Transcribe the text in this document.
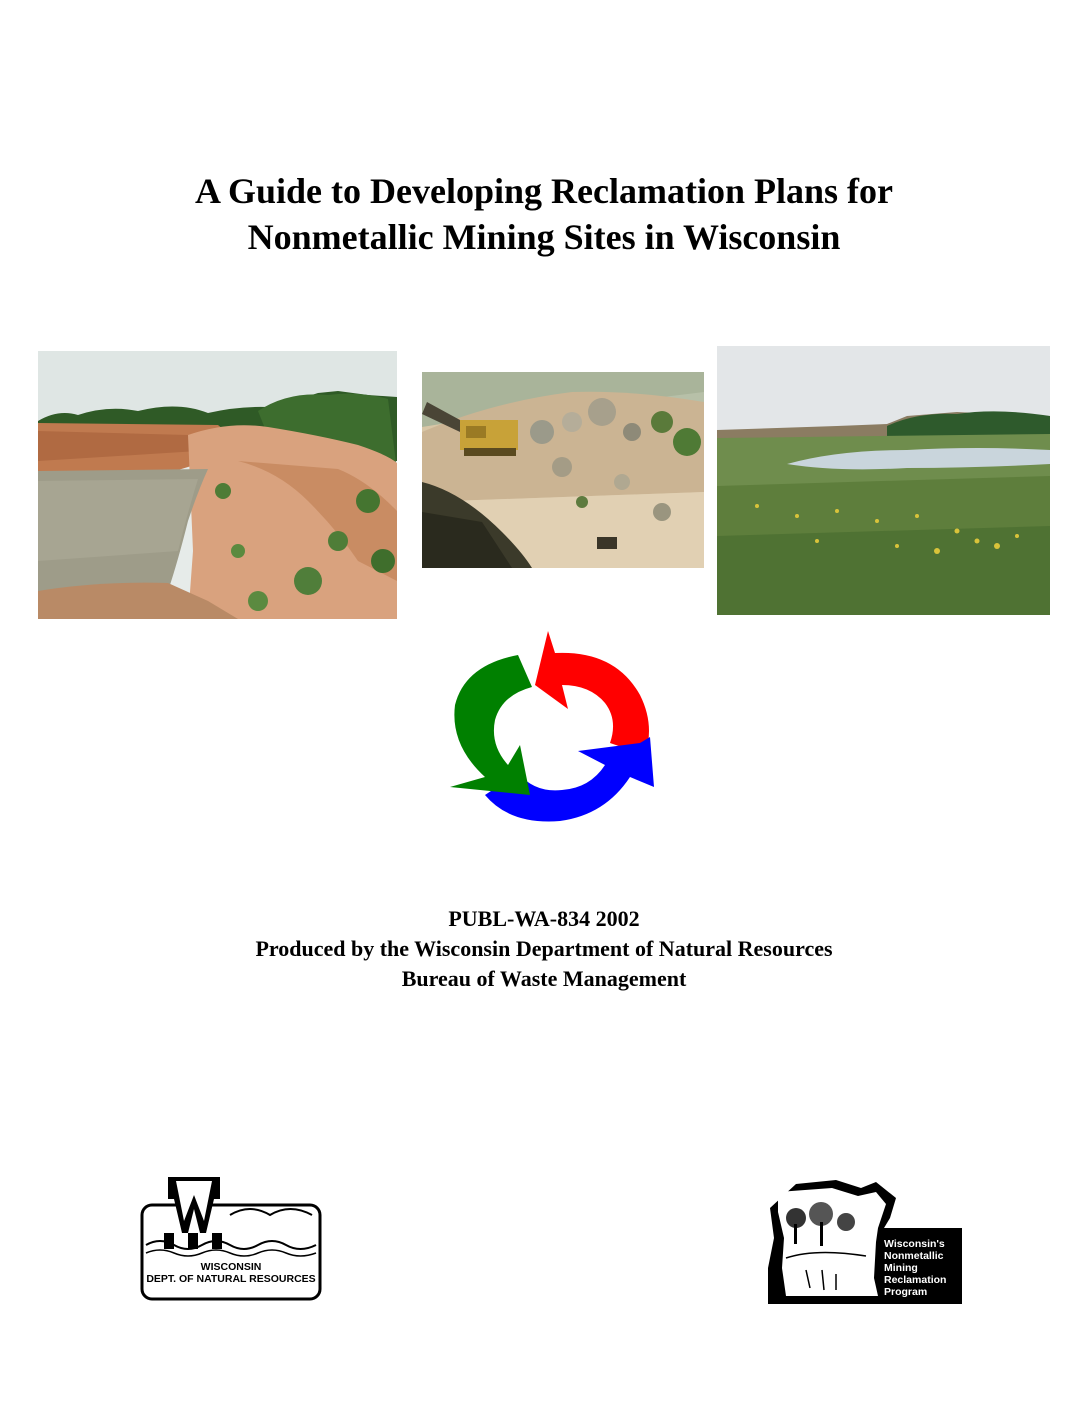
A Guide to Developing Reclamation Plans for
Nonmetallic Mining Sites in Wisconsin
PUBL-WA-834 2002
Produced by the Wisconsin Department of Natural Resources
Bureau of Waste Management
WISCONSIN
DEPT. OF NATURAL RESOURCES
Wisconsin's
Nonmetallic
Mining
Reclamation
Program
